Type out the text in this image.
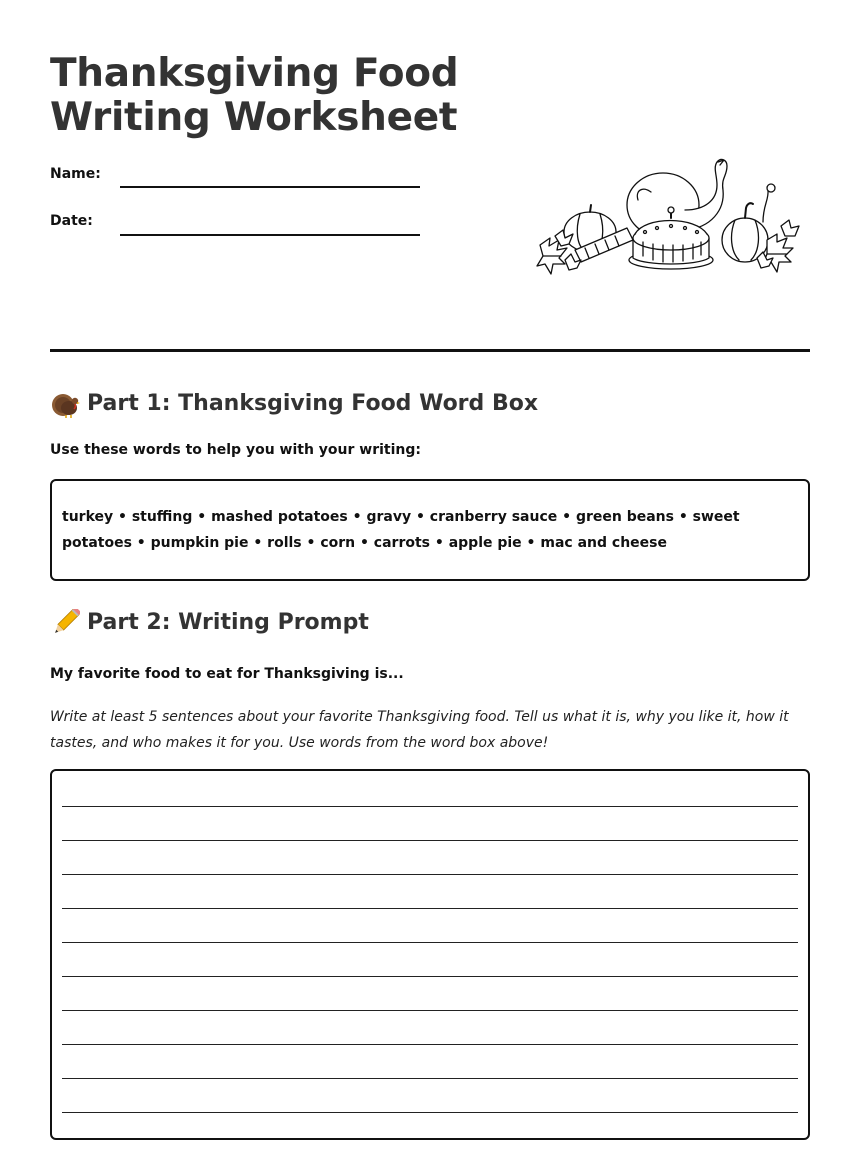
Thanksgiving Food
Writing Worksheet
Name:
Date:
Part 1: Thanksgiving Food Word Box
Use these words to help you with your writing:
turkey • stuffing • mashed potatoes • gravy • cranberry sauce • green beans • sweet potatoes • pumpkin pie • rolls • corn • carrots • apple pie • mac and cheese
Part 2: Writing Prompt
My favorite food to eat for Thanksgiving is...
Write at least 5 sentences about your favorite Thanksgiving food. Tell us what it is, why you like it, how it tastes, and who makes it for you. Use words from the word box above!
